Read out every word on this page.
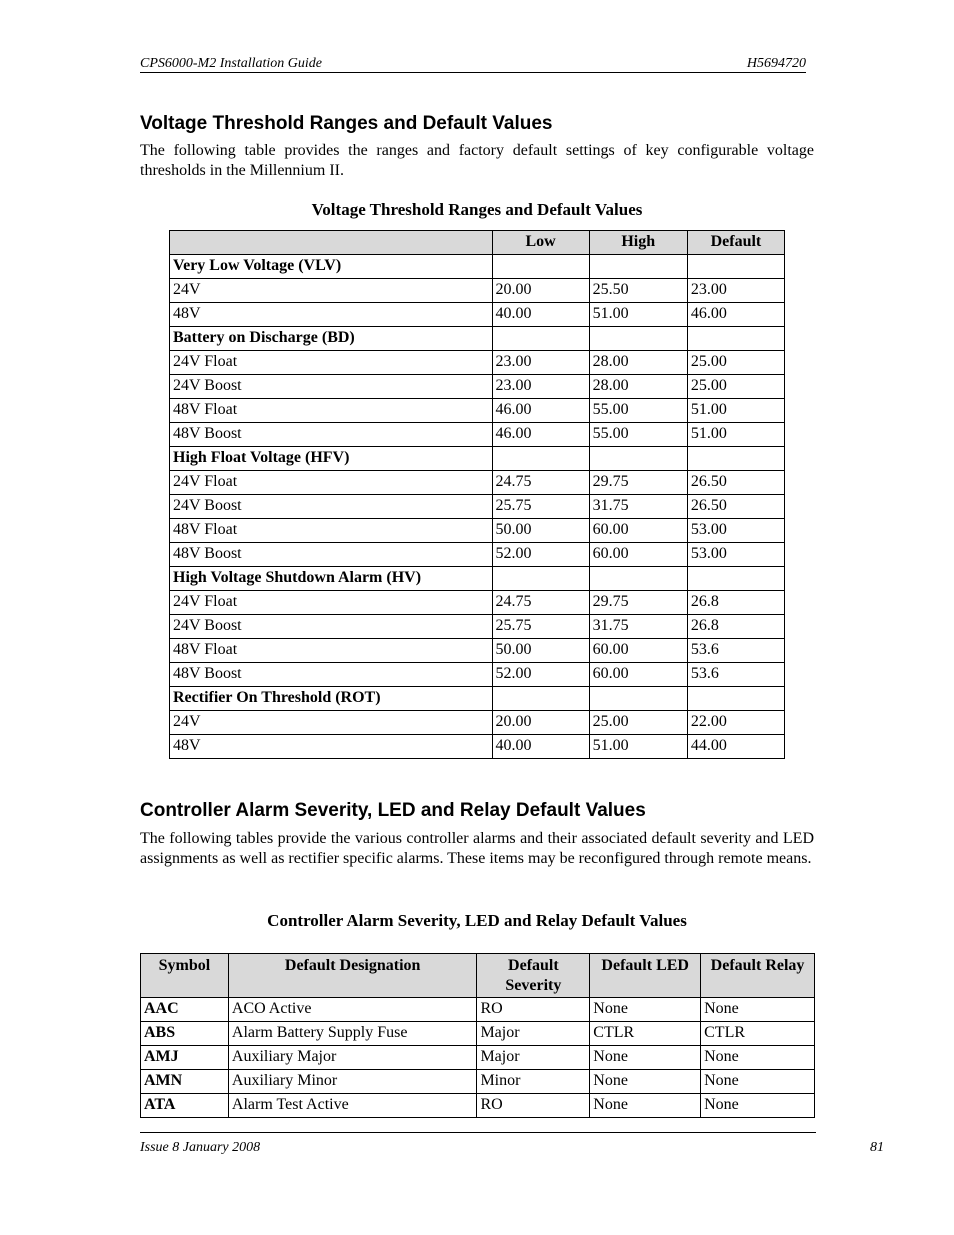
CPS6000-M2 Installation Guide	H5694720
Voltage Threshold Ranges and Default Values

The following table provides the ranges and factory default settings of key configurable voltage thresholds in the Millennium II.

Voltage Threshold Ranges and Default Values

	Low	High	Default
Very Low Voltage (VLV)			
24V	20.00	25.50	23.00
48V	40.00	51.00	46.00
Battery on Discharge (BD)			
24V Float	23.00	28.00	25.00
24V Boost	23.00	28.00	25.00
48V Float	46.00	55.00	51.00
48V Boost	46.00	55.00	51.00
High Float Voltage (HFV)			
24V Float	24.75	29.75	26.50
24V Boost	25.75	31.75	26.50
48V Float	50.00	60.00	53.00
48V Boost	52.00	60.00	53.00
High Voltage Shutdown Alarm (HV)			
24V Float	24.75	29.75	26.8
24V Boost	25.75	31.75	26.8
48V Float	50.00	60.00	53.6
48V Boost	52.00	60.00	53.6
Rectifier On Threshold (ROT)			
24V	20.00	25.00	22.00
48V	40.00	51.00	44.00
Controller Alarm Severity, LED and Relay Default Values

The following tables provide the various controller alarms and their associated default severity and LED assignments as well as rectifier specific alarms. These items may be reconfigured through remote means.

Controller Alarm Severity, LED and Relay Default Values

Symbol	Default Designation	Default Severity	Default LED	Default Relay
AAC	ACO Active	RO	None	None
ABS	Alarm Battery Supply Fuse	Major	CTLR	CTLR
AMJ	Auxiliary Major	Major	None	None
AMN	Auxiliary Minor	Minor	None	None
ATA	Alarm Test Active	RO	None	None
Issue 8 January 2008	81
